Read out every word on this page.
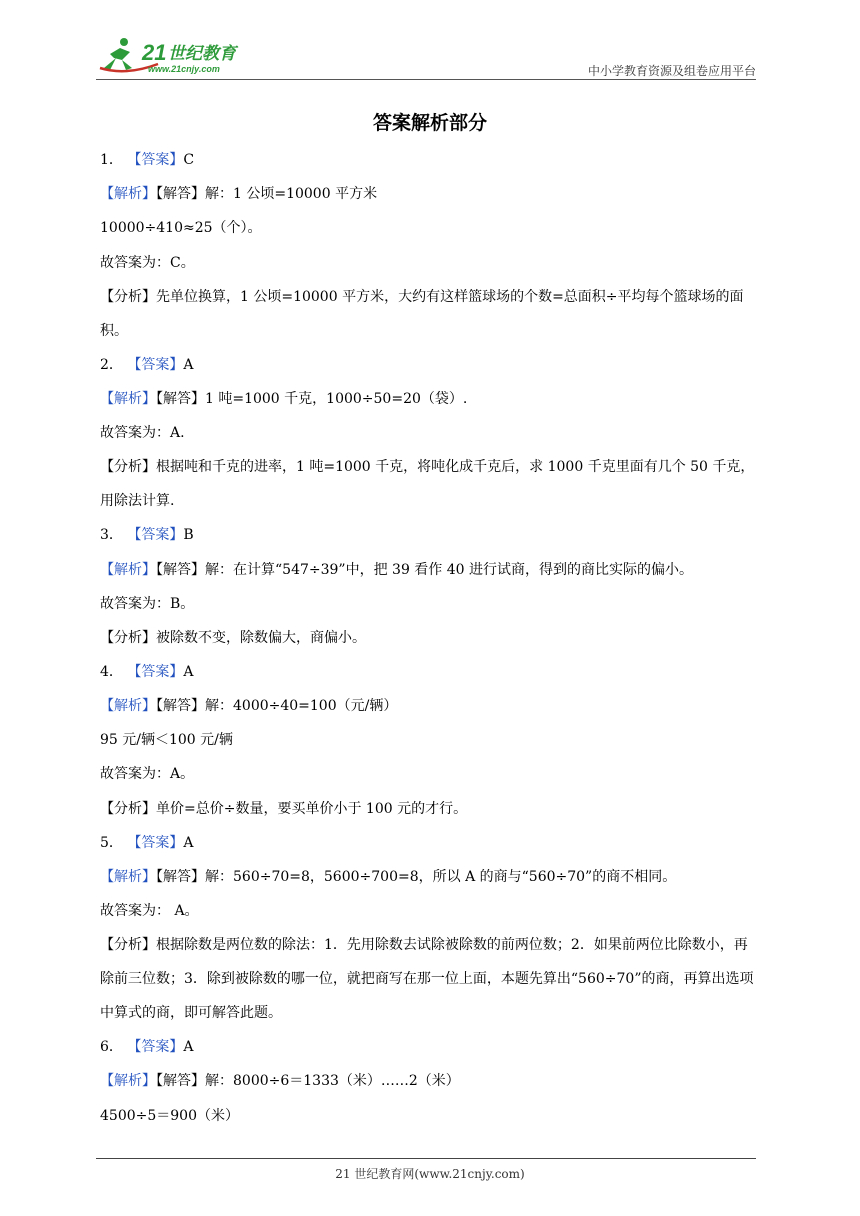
21 世纪教育
www.21cnjy.com	中小学教育资源及组卷应用平台
答案解析部分
1． 【答案】C
【解析】【解答】解：1 公顷=10000 平方米
10000÷410≈25（个）。
故答案为：C。
【分析】先单位换算，1 公顷=10000 平方米，大约有这样篮球场的个数=总面积÷平均每个篮球场的面积。
2． 【答案】A
【解析】【解答】1 吨=1000 千克，1000÷50=20（袋）.
故答案为：A.
【分析】根据吨和千克的进率，1 吨=1000 千克，将吨化成千克后，求 1000 千克里面有几个 50 千克，用除法计算.
3． 【答案】B
【解析】【解答】解：在计算“547÷39”中，把 39 看作 40 进行试商，得到的商比实际的偏小。
故答案为：B。
【分析】被除数不变，除数偏大，商偏小。
4． 【答案】A
【解析】【解答】解：4000÷40=100（元/辆）
95 元/辆＜100 元/辆
故答案为：A。
【分析】单价=总价÷数量，要买单价小于 100 元的才行。
5． 【答案】A
【解析】【解答】解：560÷70=8，5600÷700=8，所以 A 的商与“560÷70”的商不相同。
故答案为： A。
【分析】根据除数是两位数的除法：1．先用除数去试除被除数的前两位数；2．如果前两位比除数小，再除前三位数；3．除到被除数的哪一位，就把商写在那一位上面，本题先算出“560÷70”的商，再算出选项中算式的商，即可解答此题。
6． 【答案】A
【解析】【解答】解：8000÷6＝1333（米）……2（米）
4500÷5＝900（米）
21 世纪教育网(www.21cnjy.com)
